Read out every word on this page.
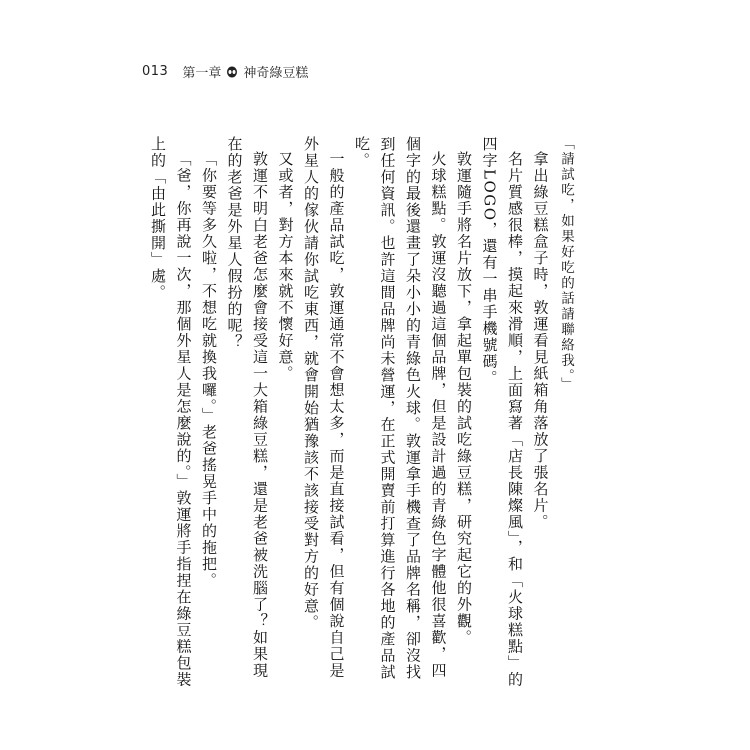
013 第一章 神奇綠豆糕

「請試吃，如果好吃的話請聯絡我。」

拿出綠豆糕盒子時，敦運看見紙箱角落放了張名片。

名片質感很棒，摸起來滑順，上面寫著「店長陳燦風」，和「火球糕點」的四字LOGO，還有一串手機號碼。

敦運隨手將名片放下，拿起單包裝的試吃綠豆糕，研究起它的外觀。

火球糕點。敦運沒聽過這個品牌，但是設計過的青綠色字體他很喜歡，四個字的最後還畫了朵小小的青綠色火球。敦運拿手機查了品牌名稱，卻沒找到任何資訊。也許這間品牌尚未營運，在正式開賣前打算進行各地的產品試吃。

一般的產品試吃，敦運通常不會想太多，而是直接試看，但有個說自己是外星人的傢伙請你試吃東西，就會開始猶豫該不該接受對方的好意。

又或者，對方本來就不懷好意。

敦運不明白老爸怎麼會接受這一大箱綠豆糕，還是老爸被洗腦了？如果現在的老爸是外星人假扮的呢？

「你要等多久啦，不想吃就換我囉。」老爸搖晃手中的拖把。

「爸，你再說一次，那個外星人是怎麼說的。」敦運將手指捏在綠豆糕包裝上的「由此撕開」處。
